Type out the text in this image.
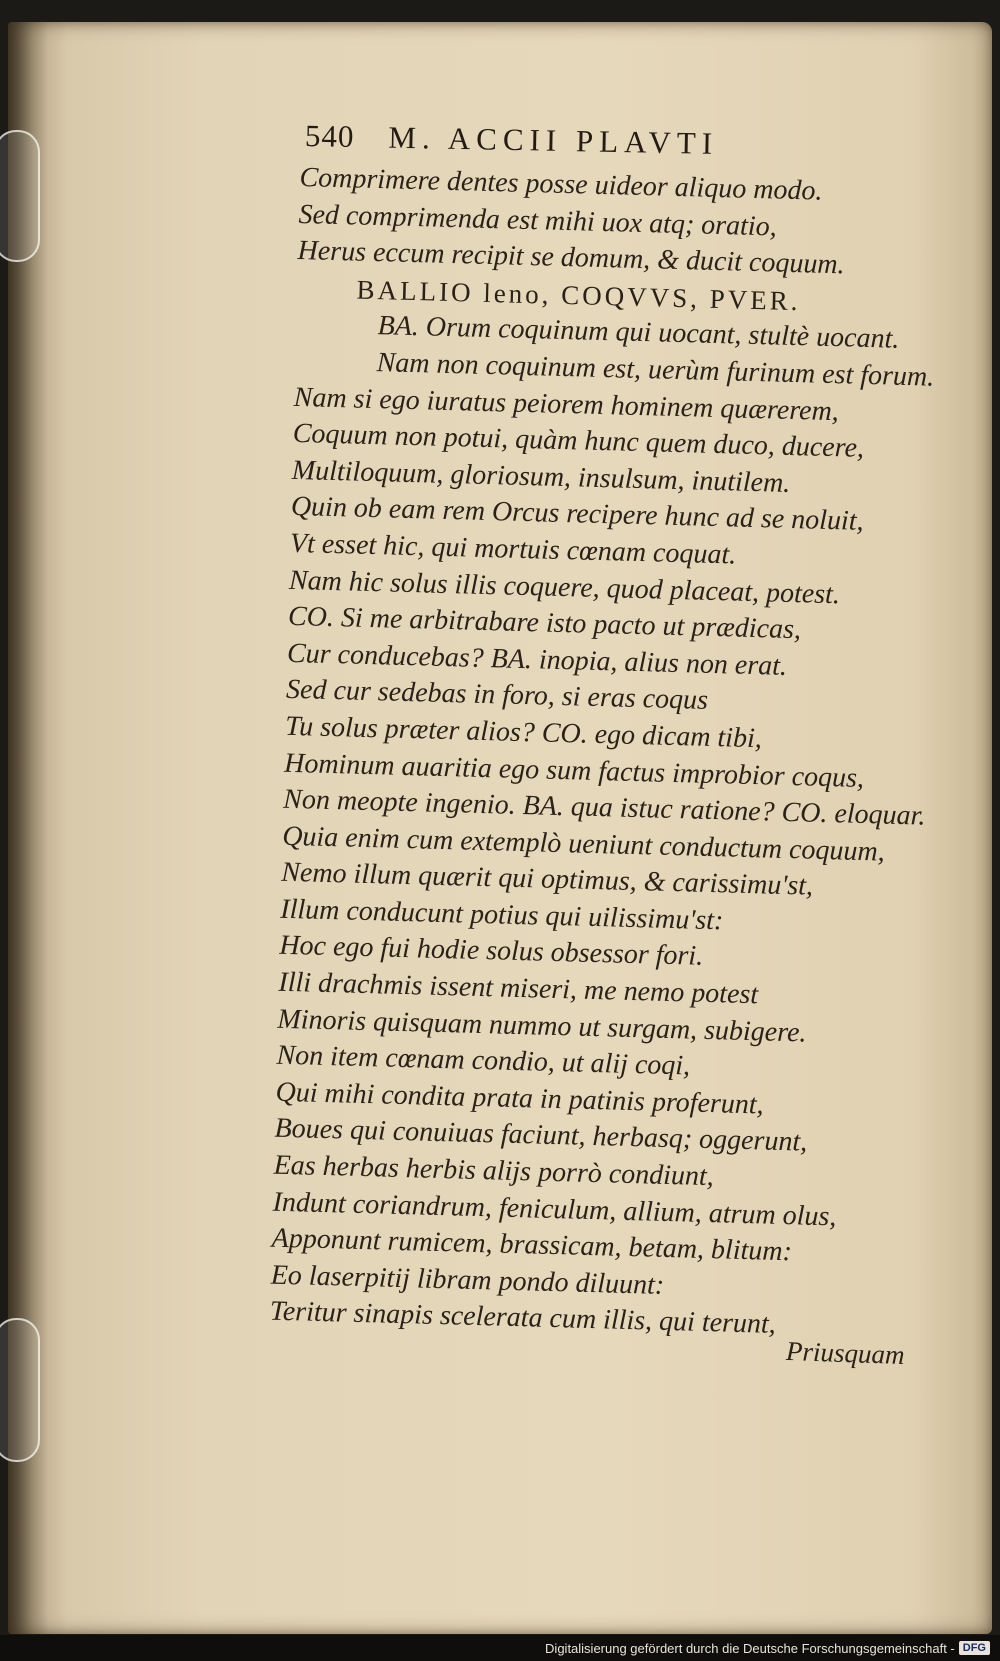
540 M. ACCII PLAVTI
Comprimere dentes posse uideor aliquo modo.
Sed comprimenda est mihi uox atq; oratio,
Herus eccum recipit se domum, & ducit coquum.
BALLIO leno, COQVVS, PVER.
BA. Orum coquinum qui uocant, stultè uocant.
Nam non coquinum est, uerùm furinum est forum.
Nam si ego iuratus peiorem hominem quærerem,
Coquum non potui, quàm hunc quem duco, ducere,
Multiloquum, gloriosum, insulsum, inutilem.
Quin ob eam rem Orcus recipere hunc ad se noluit,
Vt esset hic, qui mortuis cœnam coquat.
Nam hic solus illis coquere, quod placeat, potest.
CO. Si me arbitrabare isto pacto ut prædicas,
Cur conducebas? BA. inopia, alius non erat.
Sed cur sedebas in foro, si eras coqus
Tu solus præter alios? CO. ego dicam tibi,
Hominum auaritia ego sum factus improbior coqus,
Non meopte ingenio. BA. qua istuc ratione? CO. eloquar.
Quia enim cum extemplò ueniunt conductum coquum,
Nemo illum quærit qui optimus, & carissimu'st,
Illum conducunt potius qui uilissimu'st:
Hoc ego fui hodie solus obsessor fori.
Illi drachmis issent miseri, me nemo potest
Minoris quisquam nummo ut surgam, subigere.
Non item cœnam condio, ut alij coqi,
Qui mihi condita prata in patinis proferunt,
Boues qui conuiuas faciunt, herbasq; oggerunt,
Eas herbas herbis alijs porrò condiunt,
Indunt coriandrum, feniculum, allium, atrum olus,
Apponunt rumicem, brassicam, betam, blitum:
Eo laserpitij libram pondo diluunt:
Teritur sinapis scelerata cum illis, qui terunt,
Priusquam
Digitalisierung gefördert durch die Deutsche Forschungsgemeinschaft - DFG
